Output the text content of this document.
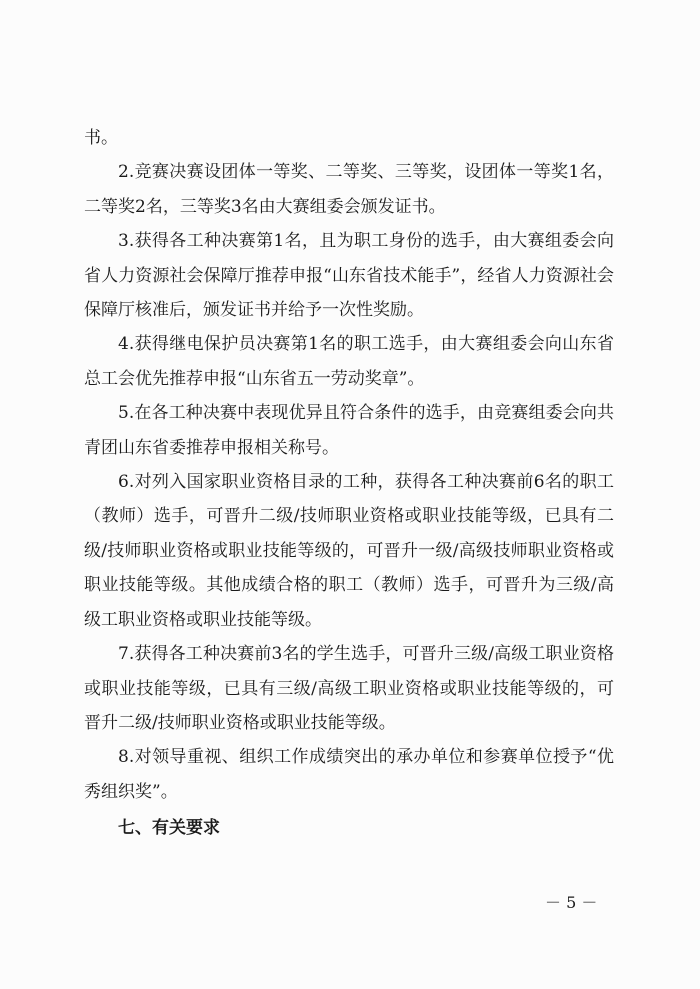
书。

2.竞赛决赛设团体一等奖、二等奖、三等奖，设团体一等奖1名，二等奖2名，三等奖3名由大赛组委会颁发证书。

3.获得各工种决赛第1名，且为职工身份的选手，由大赛组委会向省人力资源社会保障厅推荐申报“山东省技术能手”，经省人力资源社会保障厅核准后，颁发证书并给予一次性奖励。

4.获得继电保护员决赛第1名的职工选手，由大赛组委会向山东省总工会优先推荐申报“山东省五一劳动奖章”。

5.在各工种决赛中表现优异且符合条件的选手，由竞赛组委会向共青团山东省委推荐申报相关称号。

6.对列入国家职业资格目录的工种，获得各工种决赛前6名的职工（教师）选手，可晋升二级/技师职业资格或职业技能等级，已具有二级/技师职业资格或职业技能等级的，可晋升一级/高级技师职业资格或职业技能等级。其他成绩合格的职工（教师）选手，可晋升为三级/高级工职业资格或职业技能等级。

7.获得各工种决赛前3名的学生选手，可晋升三级/高级工职业资格或职业技能等级，已具有三级/高级工职业资格或职业技能等级的，可晋升二级/技师职业资格或职业技能等级。

8.对领导重视、组织工作成绩突出的承办单位和参赛单位授予“优秀组织奖”。

七、有关要求

－ 5 －
